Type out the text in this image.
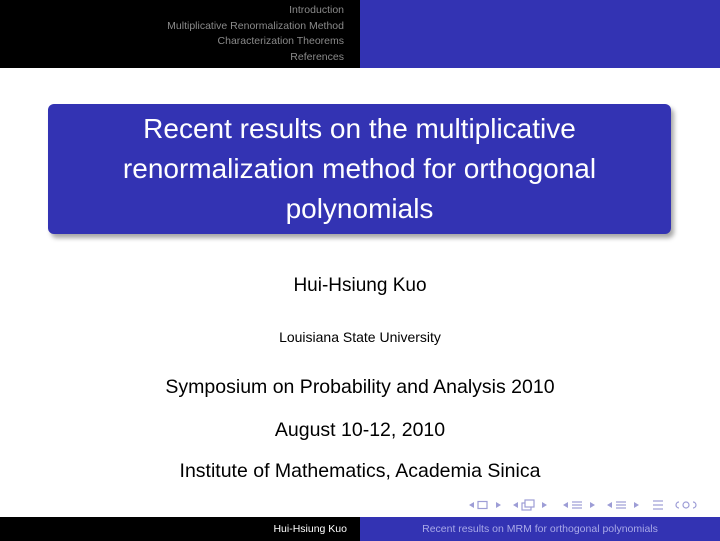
Introduction
Multiplicative Renormalization Method
Characterization Theorems
References
Recent results on the multiplicative renormalization method for orthogonal polynomials
Hui-Hsiung Kuo
Louisiana State University
Symposium on Probability and Analysis 2010
August 10-12, 2010
Institute of Mathematics, Academia Sinica
Hui-Hsiung Kuo	Recent results on MRM for orthogonal polynomials
